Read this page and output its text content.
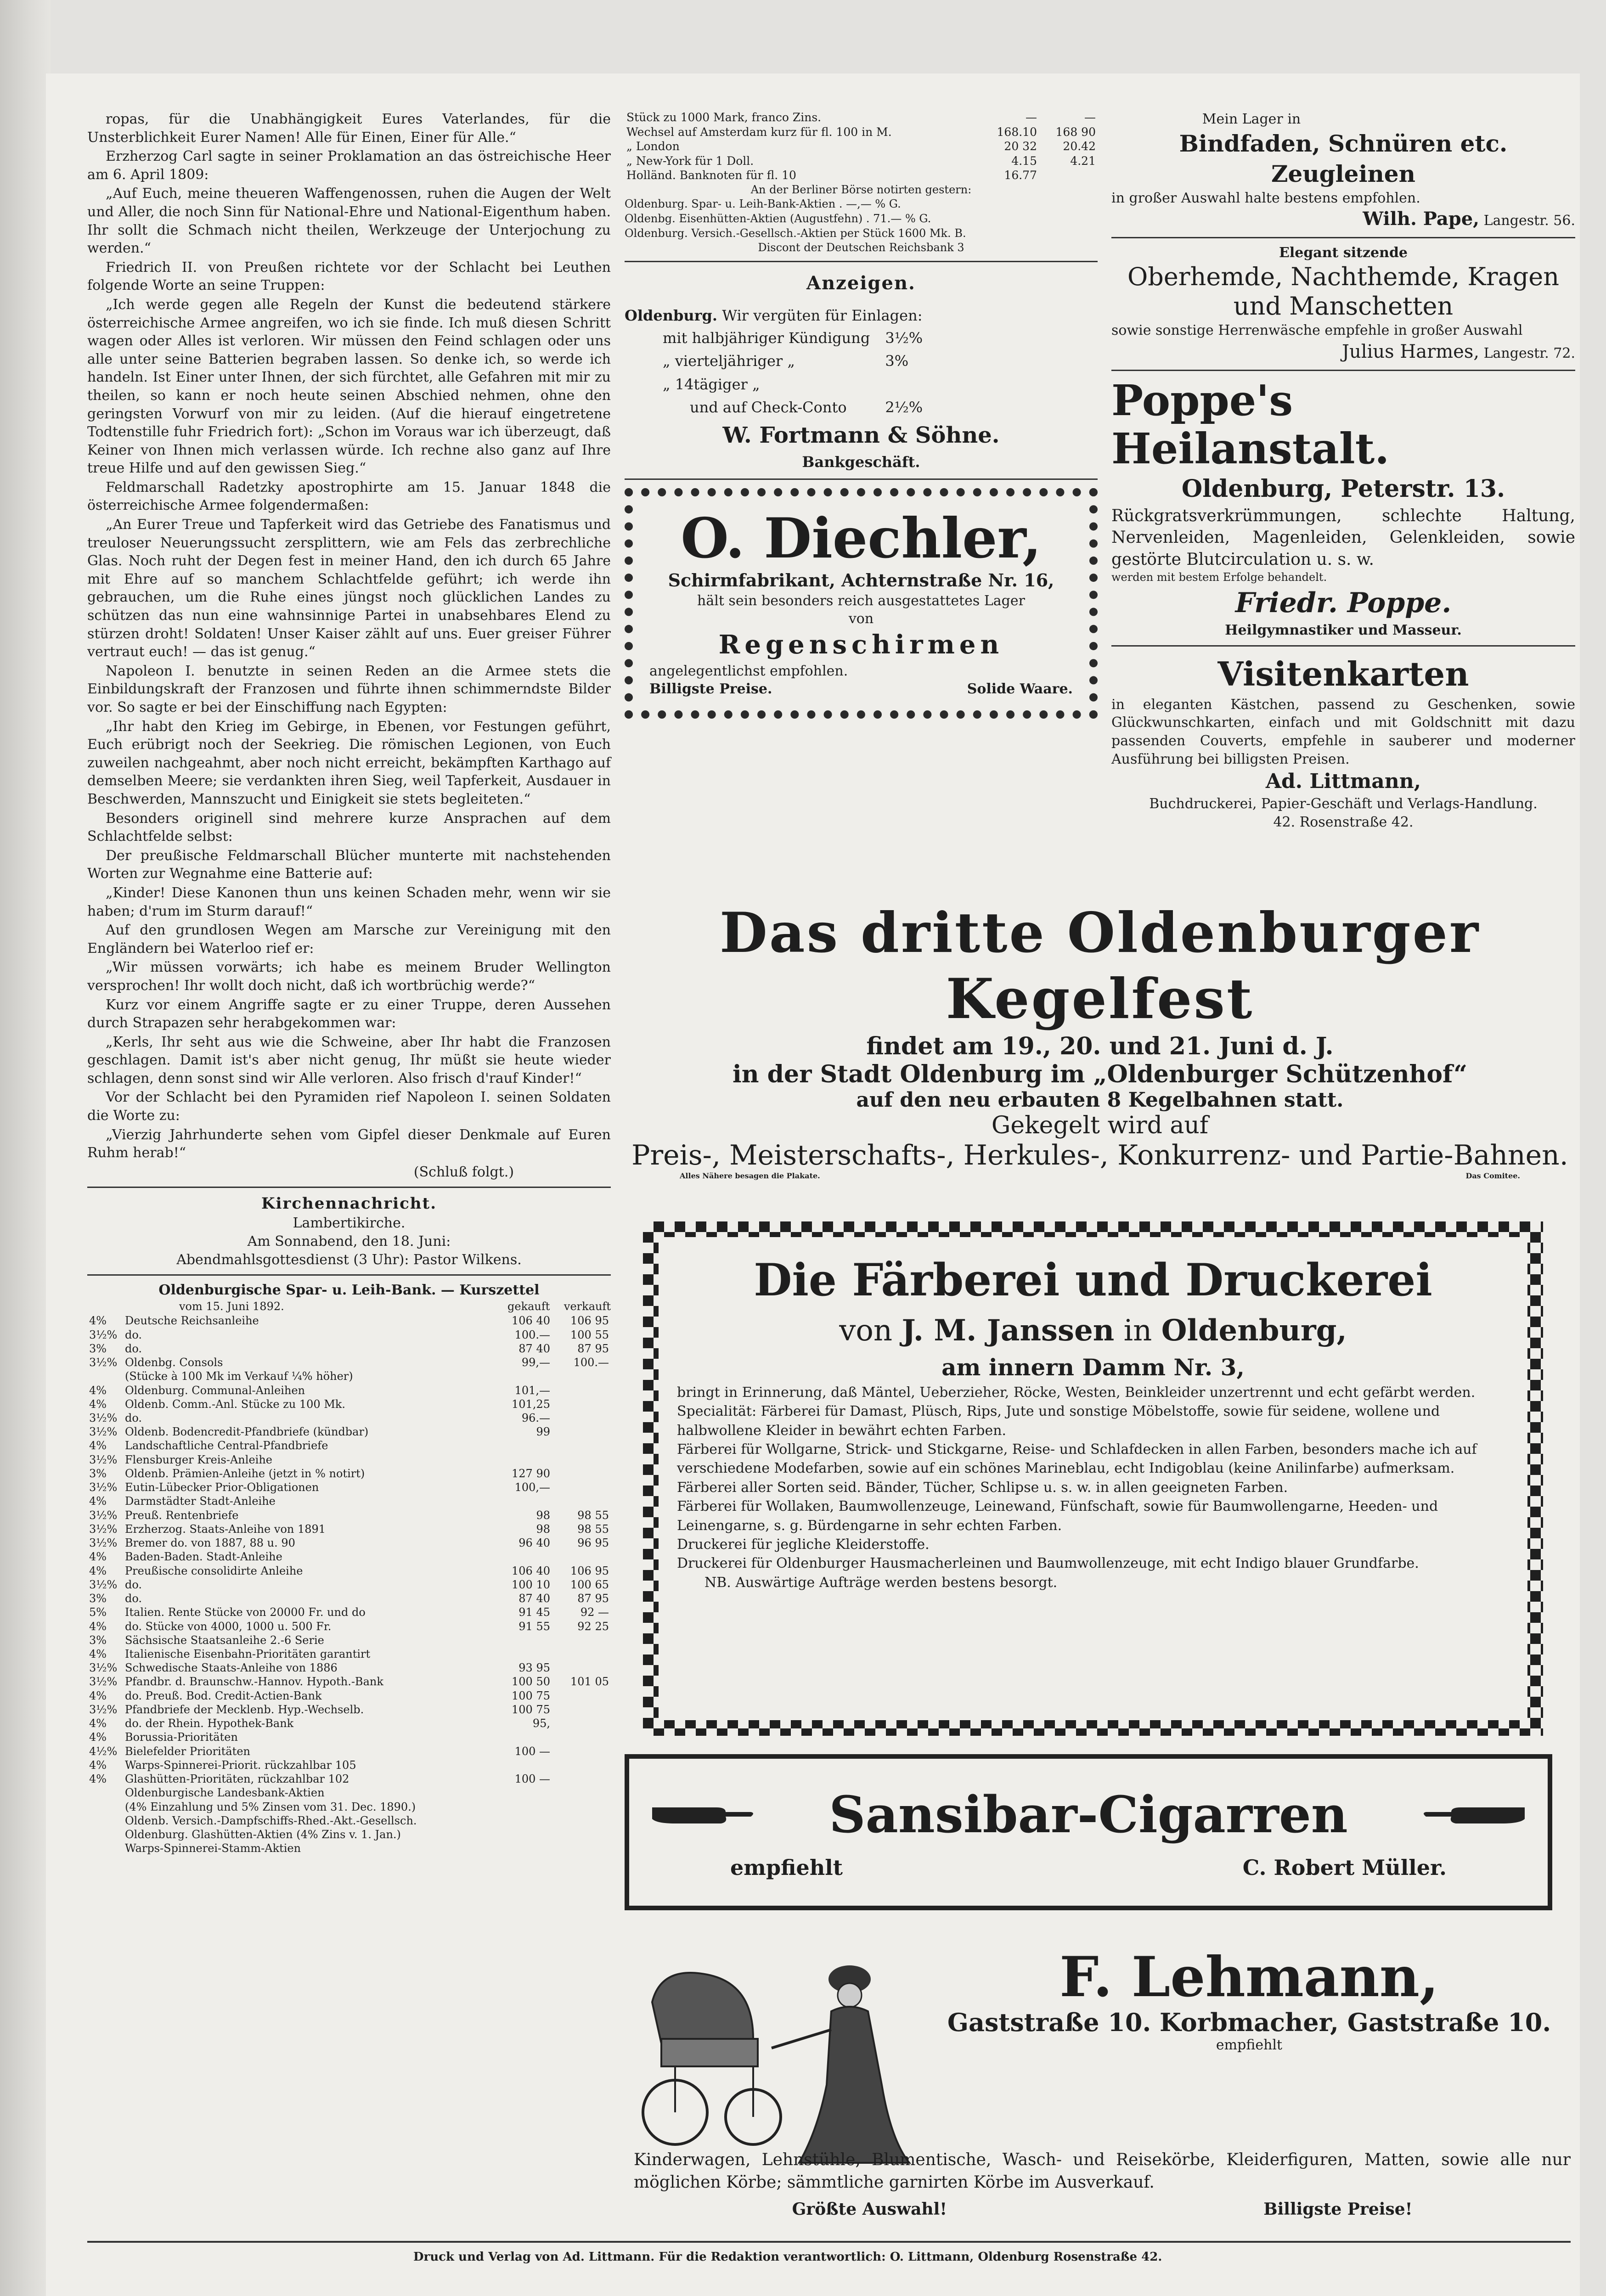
ropas, für die Unabhängigkeit Eures Vaterlandes, für die Unsterblichkeit Eurer Namen! Alle für Einen, Einer für Alle.“

Erzherzog Carl sagte in seiner Proklamation an das östreichische Heer am 6. April 1809:

„Auf Euch, meine theueren Waffengenossen, ruhen die Augen der Welt und Aller, die noch Sinn für National-Ehre und National-Eigenthum haben. Ihr sollt die Schmach nicht theilen, Werkzeuge der Unterjochung zu werden.“

Friedrich II. von Preußen richtete vor der Schlacht bei Leuthen folgende Worte an seine Truppen:

„Ich werde gegen alle Regeln der Kunst die bedeutend stärkere österreichische Armee angreifen, wo ich sie finde. Ich muß diesen Schritt wagen oder Alles ist verloren. Wir müssen den Feind schlagen oder uns alle unter seine Batterien begraben lassen. So denke ich, so werde ich handeln. Ist Einer unter Ihnen, der sich fürchtet, alle Gefahren mit mir zu theilen, so kann er noch heute seinen Abschied nehmen, ohne den geringsten Vorwurf von mir zu leiden. (Auf die hierauf eingetretene Todtenstille fuhr Friedrich fort): „Schon im Voraus war ich überzeugt, daß Keiner von Ihnen mich verlassen würde. Ich rechne also ganz auf Ihre treue Hilfe und auf den gewissen Sieg.“

Feldmarschall Radetzky apostrophirte am 15. Januar 1848 die österreichische Armee folgendermaßen:

„An Eurer Treue und Tapferkeit wird das Getriebe des Fanatismus und treuloser Neuerungssucht zersplittern, wie am Fels das zerbrechliche Glas. Noch ruht der Degen fest in meiner Hand, den ich durch 65 Jahre mit Ehre auf so manchem Schlachtfelde geführt; ich werde ihn gebrauchen, um die Ruhe eines jüngst noch glücklichen Landes zu schützen das nun eine wahnsinnige Partei in unabsehbares Elend zu stürzen droht! Soldaten! Unser Kaiser zählt auf uns. Euer greiser Führer vertraut euch! — das ist genug.“

Napoleon I. benutzte in seinen Reden an die Armee stets die Einbildungskraft der Franzosen und führte ihnen schimmerndste Bilder vor. So sagte er bei der Einschiffung nach Egypten:

„Ihr habt den Krieg im Gebirge, in Ebenen, vor Festungen geführt, Euch erübrigt noch der Seekrieg. Die römischen Legionen, von Euch zuweilen nachgeahmt, aber noch nicht erreicht, bekämpften Karthago auf demselben Meere; sie verdankten ihren Sieg, weil Tapferkeit, Ausdauer in Beschwerden, Mannszucht und Einigkeit sie stets begleiteten.“

Besonders originell sind mehrere kurze Ansprachen auf dem Schlachtfelde selbst:

Der preußische Feldmarschall Blücher munterte mit nachstehenden Worten zur Wegnahme eine Batterie auf:

„Kinder! Diese Kanonen thun uns keinen Schaden mehr, wenn wir sie haben; d'rum im Sturm darauf!“

Auf den grundlosen Wegen am Marsche zur Vereinigung mit den Engländern bei Waterloo rief er:

„Wir müssen vorwärts; ich habe es meinem Bruder Wellington versprochen! Ihr wollt doch nicht, daß ich wortbrüchig werde?“

Kurz vor einem Angriffe sagte er zu einer Truppe, deren Aussehen durch Strapazen sehr herabgekommen war:

„Kerls, Ihr seht aus wie die Schweine, aber Ihr habt die Franzosen geschlagen. Damit ist's aber nicht genug, Ihr müßt sie heute wieder schlagen, denn sonst sind wir Alle verloren. Also frisch d'rauf Kinder!“

Vor der Schlacht bei den Pyramiden rief Napoleon I. seinen Soldaten die Worte zu:

„Vierzig Jahrhunderte sehen vom Gipfel dieser Denkmale auf Euren Ruhm herab!“

(Schluß folgt.)
Kirchennachricht.
Lambertikirche.
Am Sonnabend, den 18. Juni:
Abendmahlsgottesdienst (3 Uhr): Pastor Wilkens.
Oldenburgische Spar- u. Leih-Bank. — Kurszettel
vom 15. Juni 1892.	gekauft verkauft
4%	Deutsche Reichsanleihe	106 40	106 95
3½%	do.	100.—	100 55
3%	do.	87 40	87 95
3½%	Oldenbg. Consols	99,—	100.—
	(Stücke à 100 Mk im Verkauf ¼% höher)		
4%	Oldenburg. Communal-Anleihen	101,—	
4%	Oldenb. Comm.-Anl. Stücke zu 100 Mk.	101,25	
3½%	do.	96.—	
3½%	Oldenb. Bodencredit-Pfandbriefe (kündbar)	99	
4%	Landschaftliche Central-Pfandbriefe		
3½%	Flensburger Kreis-Anleihe		
3%	Oldenb. Prämien-Anleihe (jetzt in % notirt)	127 90	
3½%	Eutin-Lübecker Prior-Obligationen	100,—	
4%	Darmstädter Stadt-Anleihe		
3½%	Preuß. Rentenbriefe	98	98 55
3½%	Erzherzog. Staats-Anleihe von 1891	98	98 55
3½%	Bremer do. von 1887, 88 u. 90	96 40	96 95
4%	Baden-Baden. Stadt-Anleihe		
4%	Preußische consolidirte Anleihe	106 40	106 95
3½%	do.	100 10	100 65
3%	do.	87 40	87 95
5%	Italien. Rente Stücke von 20000 Fr. und do	91 45	92 —
4%	do. Stücke von 4000, 1000 u. 500 Fr.	91 55	92 25
3%	Sächsische Staatsanleihe 2.-6 Serie		
4%	Italienische Eisenbahn-Prioritäten garantirt		
3½%	Schwedische Staats-Anleihe von 1886	93 95	
3½%	Pfandbr. d. Braunschw.-Hannov. Hypoth.-Bank	100 50	101 05
4%	do. Preuß. Bod. Credit-Actien-Bank	100 75	
3½%	Pfandbriefe der Mecklenb. Hyp.-Wechselb.	100 75	
4%	do. der Rhein. Hypothek-Bank	95,	
4%	Borussia-Prioritäten		
4½%	Bielefelder Prioritäten	100 —	
4%	Warps-Spinnerei-Priorit. rückzahlbar 105		
4%	Glashütten-Prioritäten, rückzahlbar 102	100 —	
	Oldenburgische Landesbank-Aktien		
	(4% Einzahlung und 5% Zinsen vom 31. Dec. 1890.)		
	Oldenb. Versich.-Dampfschiffs-Rhed.-Akt.-Gesellsch.		
	Oldenburg. Glashütten-Aktien (4% Zins v. 1. Jan.)		
	Warps-Spinnerei-Stamm-Aktien		
Stück zu 1000 Mark, franco Zins.	—	—
Wechsel auf Amsterdam kurz für fl. 100 in M.	168.10	168 90
„ London	20 32	20.42
„ New-York für 1 Doll.	4.15	4.21
Holländ. Banknoten für fl. 10	16.77	
An der Berliner Börse notirten gestern:
Oldenburg. Spar- u. Leih-Bank-Aktien . —,— % G.
Oldenbg. Eisenhütten-Aktien (Augustfehn) . 71.— % G.
Oldenburg. Versich.-Gesellsch.-Aktien per Stück 1600 Mk. B.
Discont der Deutschen Reichsbank 3
Anzeigen.
Oldenburg. Wir vergüten für Einlagen:
mit halbjähriger Kündigung	3½%
„ vierteljähriger „	3%
„ 14tägiger „	
und auf Check-Conto	2½%
W. Fortmann & Söhne.
Bankgeschäft.
O. Diechler,
Schirmfabrikant, Achternstraße Nr. 16,
hält sein besonders reich ausgestattetes Lager
von
Regenschirmen
angelegentlichst empfohlen.
Billigste Preise.	Solide Waare.
Mein Lager in
Bindfaden, Schnüren etc.
Zeugleinen
in großer Auswahl halte bestens empfohlen.
Wilh. Pape, Langestr. 56.
Elegant sitzende
Oberhemde, Nachthemde, Kragen und Manschetten
sowie sonstige Herrenwäsche empfehle in großer Auswahl
Julius Harmes, Langestr. 72.
Poppe's Heilanstalt.
Oldenburg, Peterstr. 13.
Rückgratsverkrümmungen, schlechte Haltung, Nervenleiden, Magenleiden, Gelenkleiden, sowie gestörte Blutcirculation u. s. w.
werden mit bestem Erfolge behandelt.
Friedr. Poppe.
Heilgymnastiker und Masseur.
Visitenkarten
in eleganten Kästchen, passend zu Geschenken, sowie Glückwunschkarten, einfach und mit Goldschnitt mit dazu passenden Couverts, empfehle in sauberer und moderner Ausführung bei billigsten Preisen.
Ad. Littmann,
Buchdruckerei, Papier-Geschäft und Verlags-Handlung.
42. Rosenstraße 42.
Das dritte Oldenburger Kegelfest
findet am 19., 20. und 21. Juni d. J.
in der Stadt Oldenburg im „Oldenburger Schützenhof“
auf den neu erbauten 8 Kegelbahnen statt.
Gekegelt wird auf
Preis-, Meisterschafts-, Herkules-, Konkurrenz- und Partie-Bahnen.
Alles Nähere besagen die Plakate.	Das Comitee.
Die Färberei und Druckerei
von J. M. Janssen in Oldenburg,
am innern Damm Nr. 3,
bringt in Erinnerung, daß Mäntel, Ueberzieher, Röcke, Westen, Beinkleider unzertrennt und echt gefärbt werden.
Specialität: Färberei für Damast, Plüsch, Rips, Jute und sonstige Möbelstoffe, sowie für seidene, wollene und halbwollene Kleider in bewährt echten Farben.
Färberei für Wollgarne, Strick- und Stickgarne, Reise- und Schlafdecken in allen Farben, besonders mache ich auf verschiedene Modefarben, sowie auf ein schönes Marineblau, echt Indigoblau (keine Anilinfarbe) aufmerksam.
Färberei aller Sorten seid. Bänder, Tücher, Schlipse u. s. w. in allen geeigneten Farben.
Färberei für Wollaken, Baumwollenzeuge, Leinewand, Fünfschaft, sowie für Baumwollengarne, Heeden- und Leinengarne, s. g. Bürdengarne in sehr echten Farben.
Druckerei für jegliche Kleiderstoffe.
Druckerei für Oldenburger Hausmacherleinen und Baumwollenzeuge, mit echt Indigo blauer Grundfarbe.
NB. Auswärtige Aufträge werden bestens besorgt.
Sansibar-Cigarren
empfiehlt	C. Robert Müller.
F. Lehmann,
Gaststraße 10. Korbmacher, Gaststraße 10.
empfiehlt
Kinderwagen, Lehnstühle, Blumentische, Wasch- und Reisekörbe, Kleiderfiguren, Matten, sowie alle nur möglichen Körbe; sämmtliche garnirten Körbe im Ausverkauf.
Größte Auswahl!	Billigste Preise!
Druck und Verlag von Ad. Littmann. Für die Redaktion verantwortlich: O. Littmann, Oldenburg Rosenstraße 42.
